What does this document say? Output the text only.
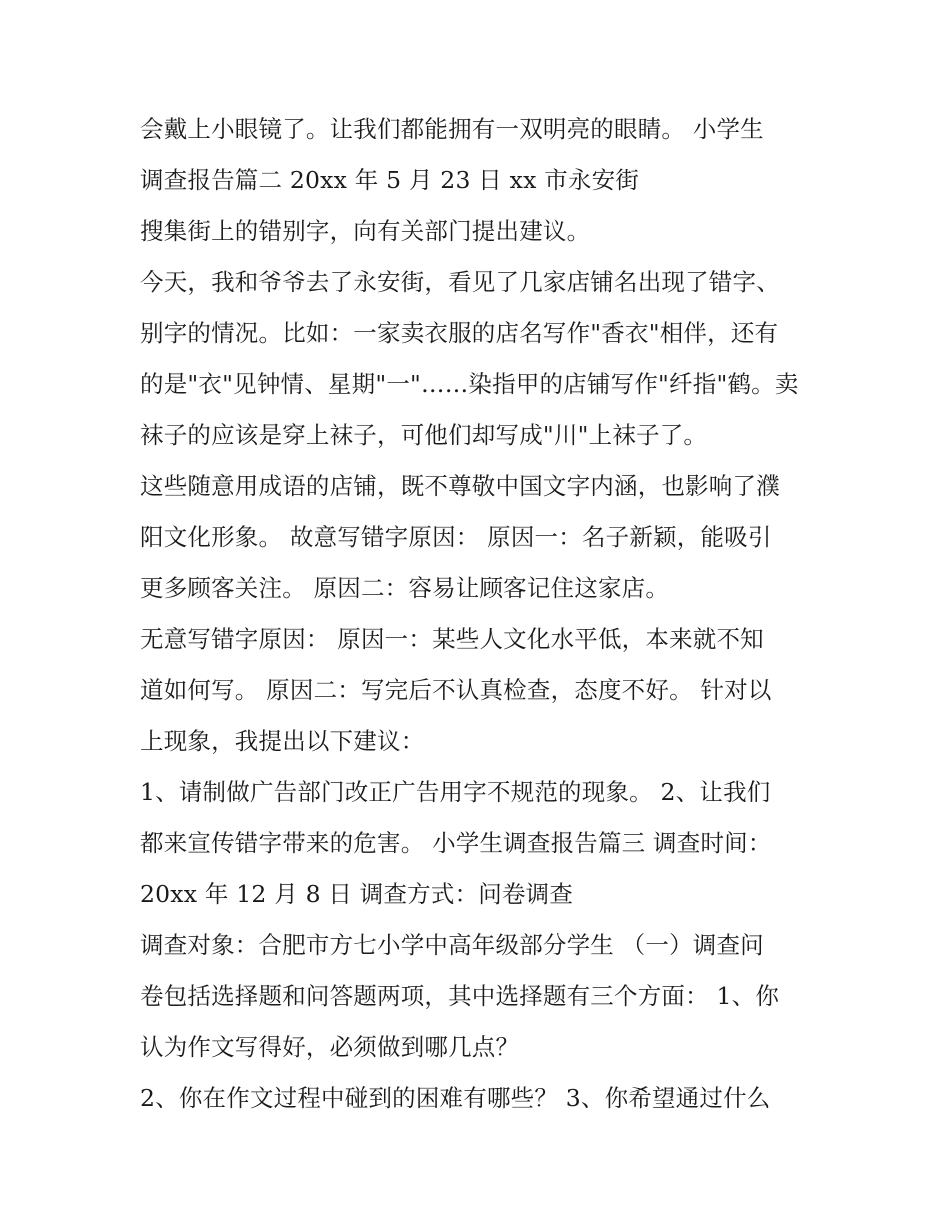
会戴上小眼镜了。让我们都能拥有一双明亮的眼睛。 小学生
调查报告篇二 20xx 年 5 月 23 日 xx 市永安街
搜集街上的错别字，向有关部门提出建议。
今天，我和爷爷去了永安街，看见了几家店铺名出现了错字、
别字的情况。比如：一家卖衣服的店名写作"香衣"相伴，还有
的是"衣"见钟情、星期"一"……染指甲的店铺写作"纤指"鹤。卖
袜子的应该是穿上袜子，可他们却写成"川"上袜子了。
这些随意用成语的店铺，既不尊敬中国文字内涵，也影响了濮
阳文化形象。 故意写错字原因： 原因一：名子新颖，能吸引
更多顾客关注。 原因二：容易让顾客记住这家店。
无意写错字原因： 原因一：某些人文化水平低，本来就不知
道如何写。 原因二：写完后不认真检查，态度不好。 针对以
上现象，我提出以下建议：
1、请制做广告部门改正广告用字不规范的现象。 2、让我们
都来宣传错字带来的危害。 小学生调查报告篇三 调查时间：
20xx 年 12 月 8 日 调查方式：问卷调查
调查对象：合肥市方七小学中高年级部分学生 （一）调查问
卷包括选择题和问答题两项，其中选择题有三个方面： 1、你
认为作文写得好，必须做到哪几点？
2、你在作文过程中碰到的困难有哪些？ 3、你希望通过什么
